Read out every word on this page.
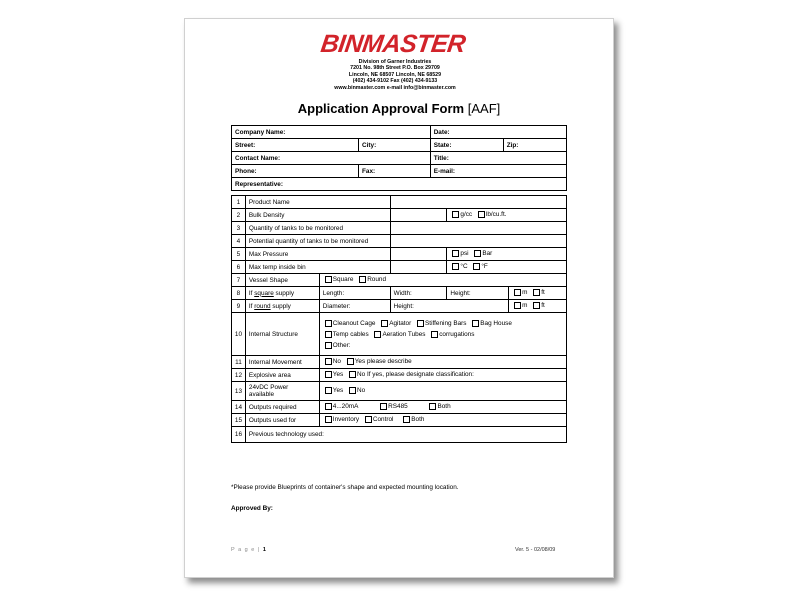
BINMASTER
Division of Garner Industries
7201 No. 98th Street P.O. Box 29709
Lincoln, NE 68507 Lincoln, NE 68529
(402) 434-9102 Fax (402) 434-9133
www.binmaster.com e-mail info@binmaster.com
Application Approval Form [AAF]
Company Name:		Date:	
Street:	City:	State:	Zip:
Contact Name:		Title:	
Phone:	Fax:	E-mail:	
Representative:			
1	Product Name				
2	Bulk Density			g/cc lb/cu.ft.	
3	Quantity of tanks to be monitored				
4	Potential quantity of tanks to be monitored				
5	Max Pressure			psi Bar	
6	Max temp inside bin			°C °F	
7	Vessel Shape	Square Round			
8	If square supply	Length:	Width:	Height:	m ft
9	If round supply	Diameter:	Height:		m ft
10	Internal Structure	Cleanout Cage Agitator Stiffening Bars Bag House
Temp cables Aeration Tubes corrugations
Other:			

11	Internal Movement	No Yes please describe			
12	Explosive area	Yes No If yes, please designate classification:			
13	24vDC Power
available	Yes No			
14	Outputs required	4...20mA RS485 Both			
15	Outputs used for	Inventory Control Both			
16	Previous technology used:				
*Please provide Blueprints of container's shape and expected mounting location.
Approved By:
P a g e | 1	Ver. 5 - 02/08/09
